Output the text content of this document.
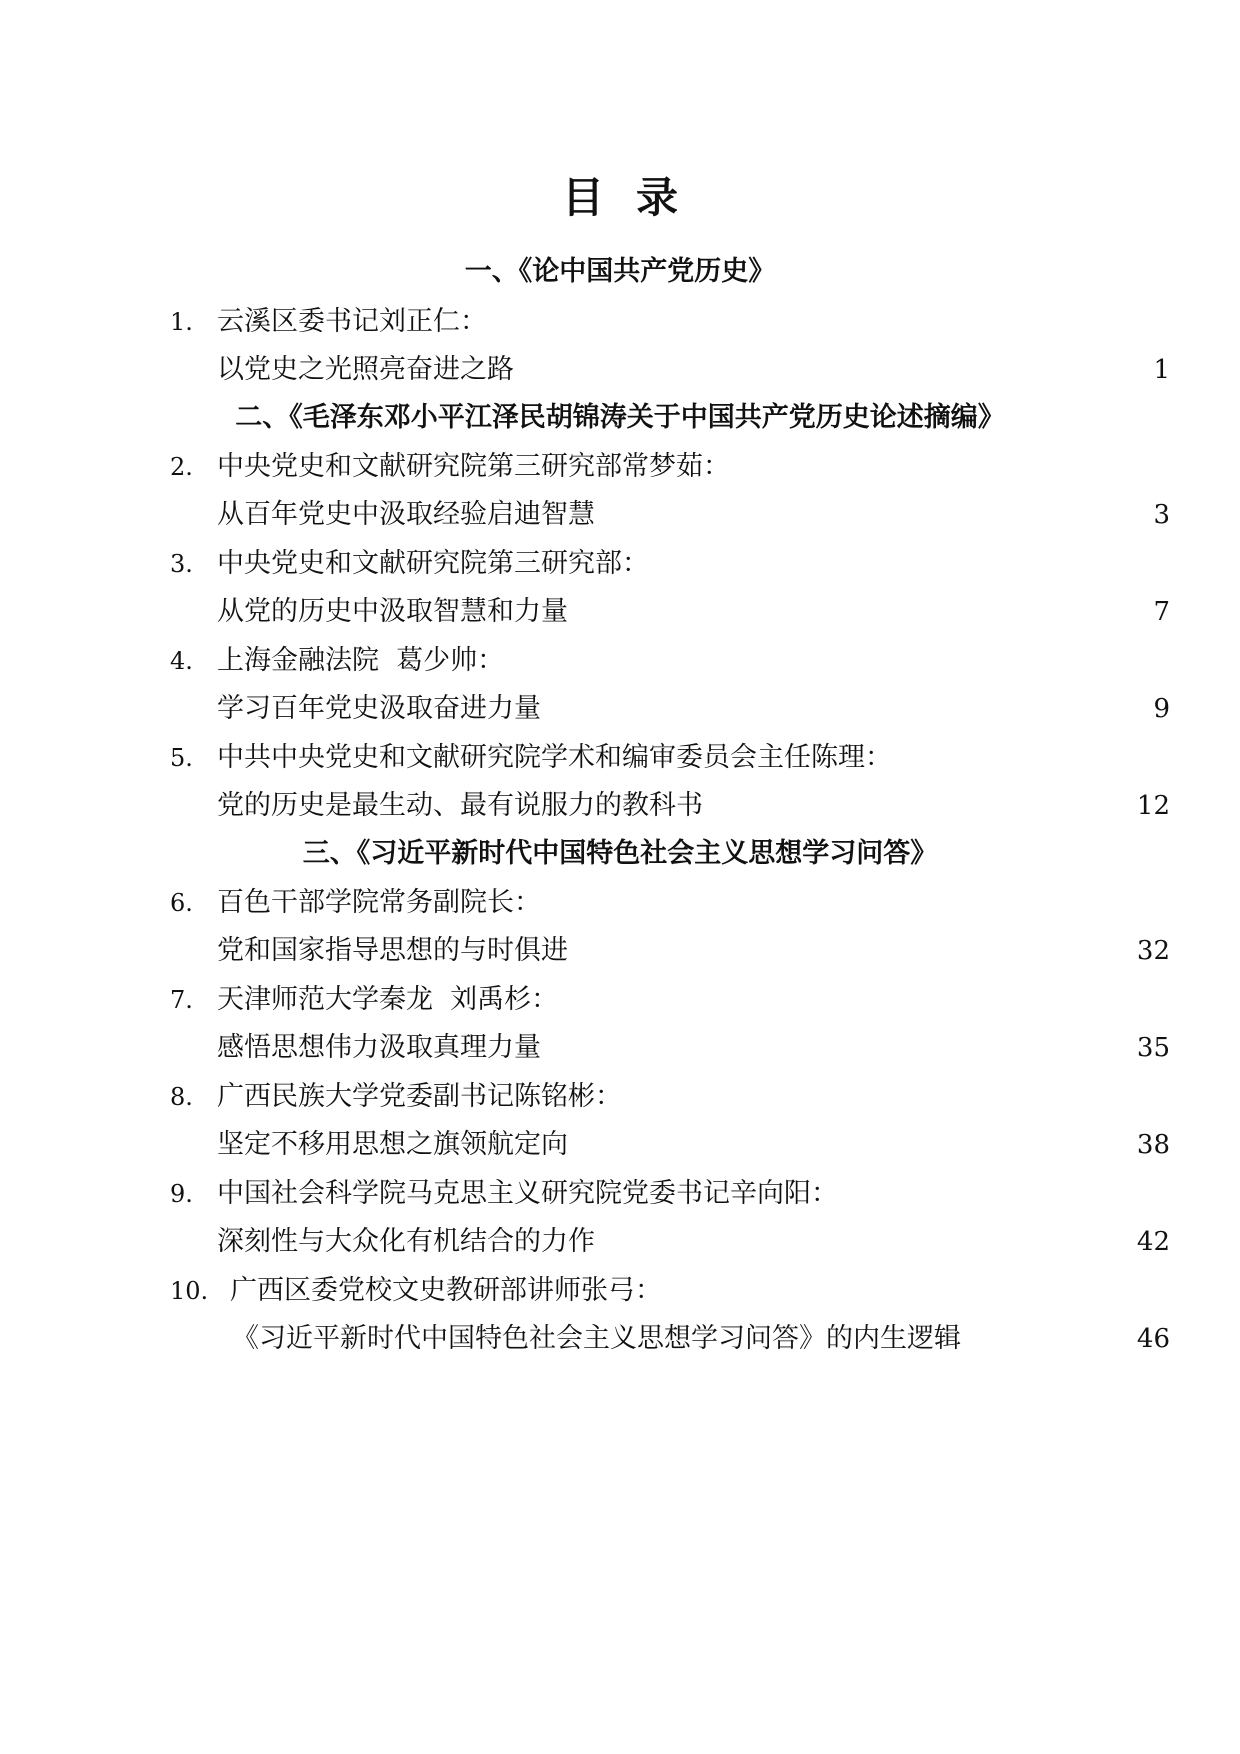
目录
一、《论中国共产党历史》
1. 云溪区委书记刘正仁：
以党史之光照亮奋进之路	1
二、《毛泽东邓小平江泽民胡锦涛关于中国共产党历史论述摘编》
2. 中央党史和文献研究院第三研究部常梦茹：
从百年党史中汲取经验启迪智慧	3
3. 中央党史和文献研究院第三研究部：
从党的历史中汲取智慧和力量	7
4. 上海金融法院  葛少帅：
学习百年党史汲取奋进力量	9
5. 中共中央党史和文献研究院学术和编审委员会主任陈理：
党的历史是最生动、最有说服力的教科书	12
三、《习近平新时代中国特色社会主义思想学习问答》
6. 百色干部学院常务副院长：
党和国家指导思想的与时俱进	32
7. 天津师范大学秦龙  刘禹杉：
感悟思想伟力汲取真理力量	35
8. 广西民族大学党委副书记陈铭彬：
坚定不移用思想之旗领航定向	38
9. 中国社会科学院马克思主义研究院党委书记辛向阳：
深刻性与大众化有机结合的力作	42
10. 广西区委党校文史教研部讲师张弓：
《习近平新时代中国特色社会主义思想学习问答》的内生逻辑	46
